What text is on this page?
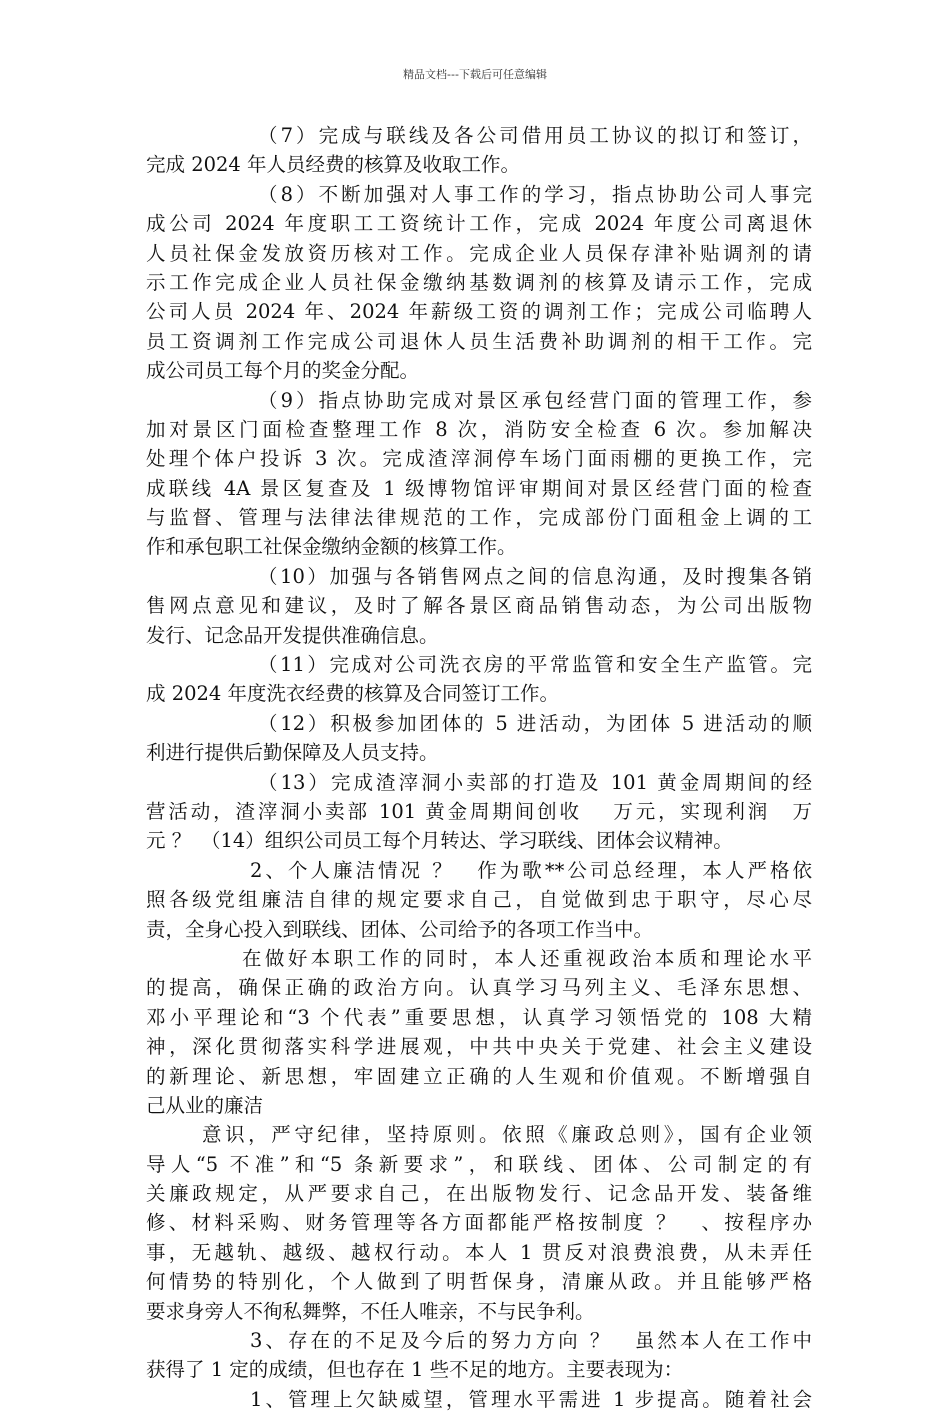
精品文档---下载后可任意编辑
（7）完成与联线及各公司借用员工协议的拟订和签订，
完成 2024 年人员经费的核算及收取工作。
（8）不断加强对人事工作的学习，指点协助公司人事完
成公司 2024 年度职工工资统计工作，完成 2024 年度公司离退休
人员社保金发放资历核对工作。完成企业人员保存津补贴调剂的请
示工作完成企业人员社保金缴纳基数调剂的核算及请示工作，完成
公司人员 2024 年、2024 年薪级工资的调剂工作；完成公司临聘人
员工资调剂工作完成公司退休人员生活费补助调剂的相干工作。完
成公司员工每个月的奖金分配。
（9）指点协助完成对景区承包经营门面的管理工作，参
加对景区门面检查整理工作 8 次，消防安全检查 6 次。参加解决
处理个体户投诉 3 次。完成渣滓洞停车场门面雨棚的更换工作，完
成联线 4A 景区复查及 1 级博物馆评审期间对景区经营门面的检查
与监督、管理与法律法律规范的工作，完成部份门面租金上调的工
作和承包职工社保金缴纳金额的核算工作。
（10）加强与各销售网点之间的信息沟通，及时搜集各销
售网点意见和建议，及时了解各景区商品销售动态，为公司出版物
发行、记念品开发提供准确信息。
（11）完成对公司洗衣房的平常监管和安全生产监管。完
成 2024 年度洗衣经费的核算及合同签订工作。
（12）积极参加团体的 5 进活动，为团体 5 进活动的顺
利进行提供后勤保障及人员支持。
（13）完成渣滓洞小卖部的打造及 101 黄金周期间的经
营活动，渣滓洞小卖部 101 黄金周期间创收　 万元，实现利润　万
元 ？　（14）组织公司员工每个月转达、学习联线、团体会议精神。
2、个人廉洁情况 ？　作为歌**公司总经理，本人严格依
照各级党组廉洁自律的规定要求自己，自觉做到忠于职守，尽心尽
责，全身心投入到联线、团体、公司给予的各项工作当中。
在做好本职工作的同时，本人还重视政治本质和理论水平
的提高，确保正确的政治方向。认真学习马列主义、毛泽东思想、
邓小平理论和“3 个代表”重要思想，认真学习领悟党的 108 大精
神，深化贯彻落实科学进展观，中共中央关于党建、社会主义建设
的新理论、新思想，牢固建立正确的人生观和价值观。不断增强自
己从业的廉洁
意识，严守纪律，坚持原则。依照《廉政总则》，国有企业领
导人“5 不准”和“5 条新要求”，和联线、团体、公司制定的有
关廉政规定，从严要求自己，在出版物发行、记念品开发、装备维
修、材料采购、财务管理等各方面都能严格按制度 ？　、按程序办
事，无越轨、越级、越权行动。本人 1 贯反对浪费浪费，从未弄任
何情势的特别化，个人做到了明哲保身，清廉从政。并且能够严格
要求身旁人不徇私舞弊，不任人唯亲，不与民争利。
3、存在的不足及今后的努力方向 ？　虽然本人在工作中
获得了 1 定的成绩，但也存在 1 些不足的地方。主要表现为：
1、管理上欠缺威望，管理水平需进 1 步提高。随着社会
